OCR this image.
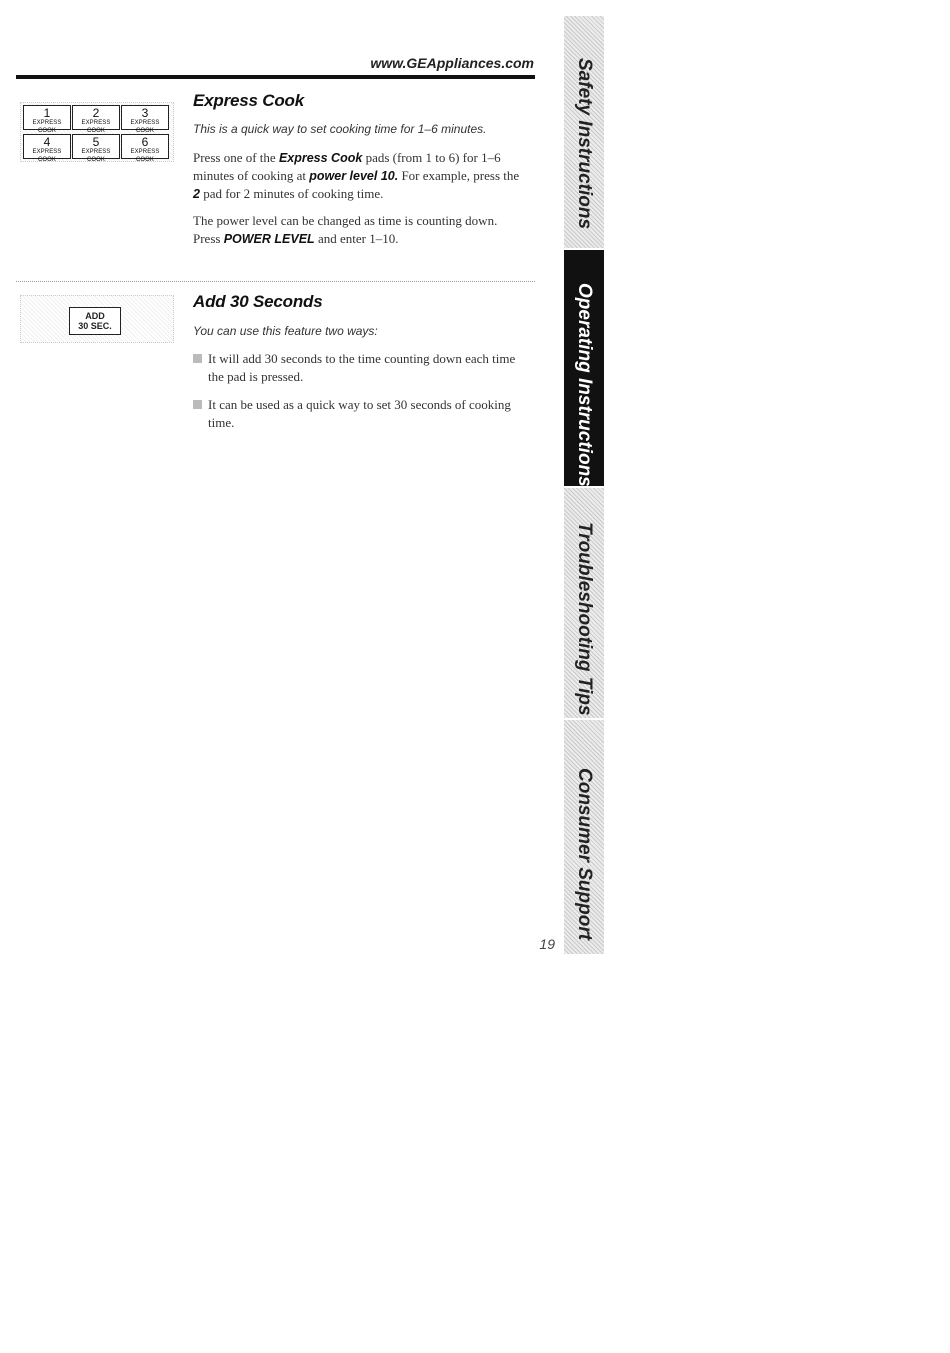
www.GEAppliances.com
1
EXPRESS COOK
2
EXPRESS COOK
3
EXPRESS COOK
4
EXPRESS COOK
5
EXPRESS COOK
6
EXPRESS COOK
Express Cook
This is a quick way to set cooking time for 1–6 minutes.
Press one of the Express Cook pads (from 1 to 6) for 1–6 minutes of cooking at power level 10. For example, press the 2 pad for 2 minutes of cooking time.
The power level can be changed as time is counting down. Press POWER LEVEL and enter 1–10.
ADD
30 SEC.
Add 30 Seconds
You can use this feature two ways:
It will add 30 seconds to the time counting down each time the pad is pressed.
It can be used as a quick way to set 30 seconds of cooking time.
Safety Instructions
Operating Instructions
Troubleshooting Tips
Consumer Support
19
